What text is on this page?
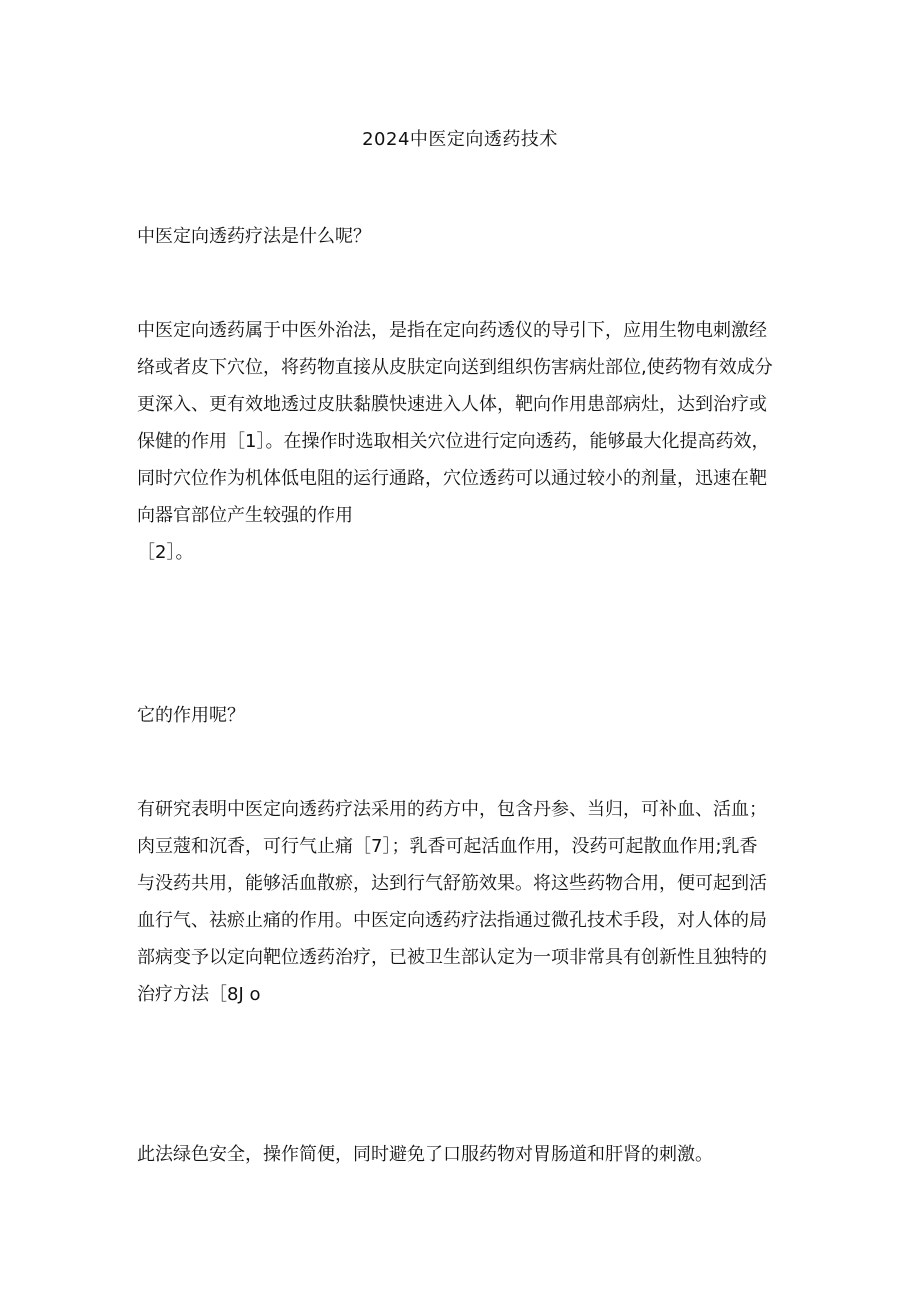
2024中医定向透药技术
中医定向透药疗法是什么呢？
中医定向透药属于中医外治法，是指在定向药透仪的导引下，应用生物电刺激经
络或者皮下穴位，将药物直接从皮肤定向送到组织伤害病灶部位,使药物有效成分
更深入、更有效地透过皮肤黏膜快速进入人体，靶向作用患部病灶，达到治疗或
保健的作用［1］。在操作时选取相关穴位进行定向透药，能够最大化提高药效，
同时穴位作为机体低电阻的运行通路，穴位透药可以通过较小的剂量，迅速在靶
向器官部位产生较强的作用
［2］。
它的作用呢？
有研究表明中医定向透药疗法采用的药方中，包含丹参、当归，可补血、活血；
肉豆蔻和沉香，可行气止痛［7］；乳香可起活血作用，没药可起散血作用;乳香
与没药共用，能够活血散瘀，达到行气舒筋效果。将这些药物合用，便可起到活
血行气、祛瘀止痛的作用。中医定向透药疗法指通过微孔技术手段，对人体的局
部病变予以定向靶位透药治疗，已被卫生部认定为一项非常具有创新性且独特的
治疗方法［8J o
此法绿色安全，操作简便，同时避免了口服药物对胃肠道和肝肾的刺激。
